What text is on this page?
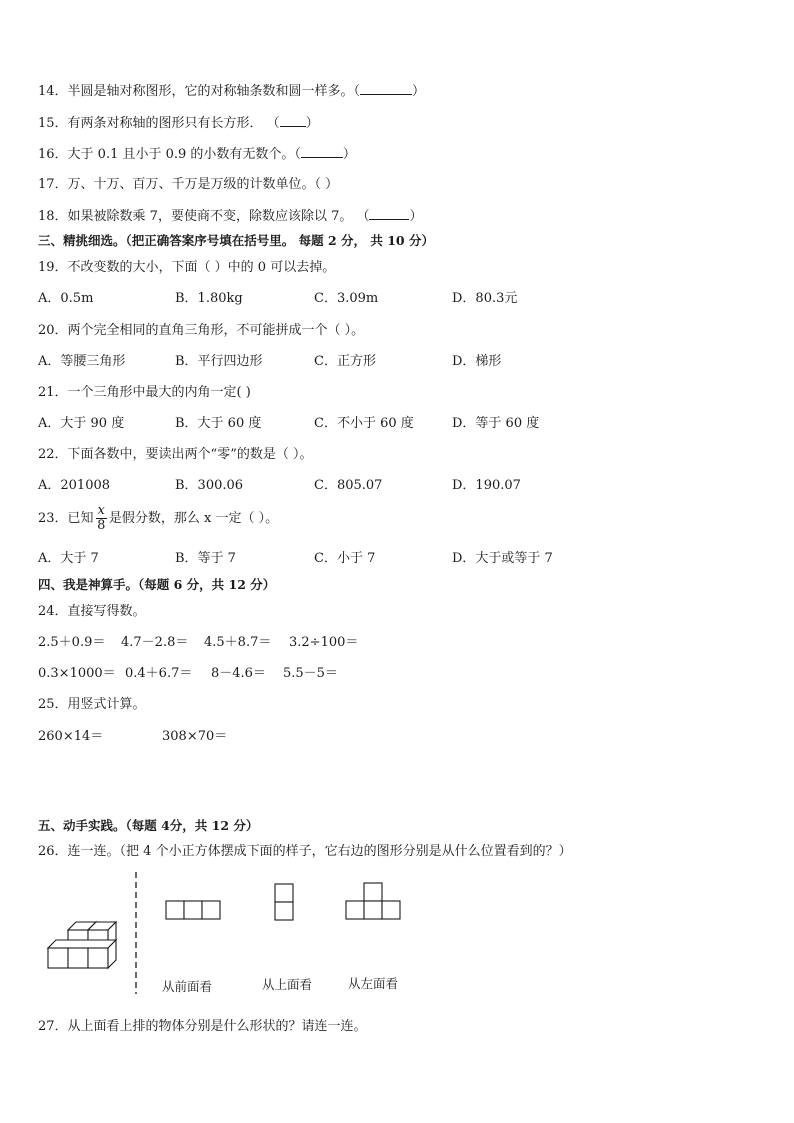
14．半圆是轴对称图形，它的对称轴条数和圆一样多。（	）
15．有两条对称轴的图形只有长方形． （ ）
16．大于 0.1 且小于 0.9 的小数有无数个。（	）
17．万、十万、百万、千万是万级的计数单位。（ ）
18．如果被除数乘 7，要使商不变，除数应该除以 7。 （	）
三、精挑细选。（把正确答案序号填在括号里。 每题 2 分， 共 10 分）
19．不改变数的大小，下面（ ）中的 0 可以去掉。
A．0.5m	B．1.80kg	C．3.09m	D．80.3元
20．两个完全相同的直角三角形，不可能拼成一个（ ）。
A．等腰三角形	B．平行四边形	C．正方形	D．梯形
21．一个三角形中最大的内角一定( )
A．大于 90 度	B．大于 60 度	C．不小于 60 度	D．等于 60 度
22．下面各数中，要读出两个“零”的数是（ ）。
A．201008	B．300.06	C．805.07	D．190.07
23．已知 $\frac{x}{8}$ 是假分数，那么 x 一定（ ）。
A．大于 7	B．等于 7	C．小于 7	D．大于或等于 7
四、我是神算手。（每题 6 分，共 12 分）
24．直接写得数。
2.5＋0.9＝ 4.7－2.8＝ 4.5＋8.7＝ 3.2÷100＝
0.3×1000＝ 0.4＋6.7＝ 8－4.6＝ 5.5－5＝
25．用竖式计算。
260×14＝	308×70＝
五、动手实践。（每题 4分，共 12 分）
26．连一连。（把 4 个小正方体摆成下面的样子，它右边的图形分别是从什么位置看到的？）
从前面看	从上面看	从左面看
27．从上面看上排的物体分别是什么形状的？请连一连。
